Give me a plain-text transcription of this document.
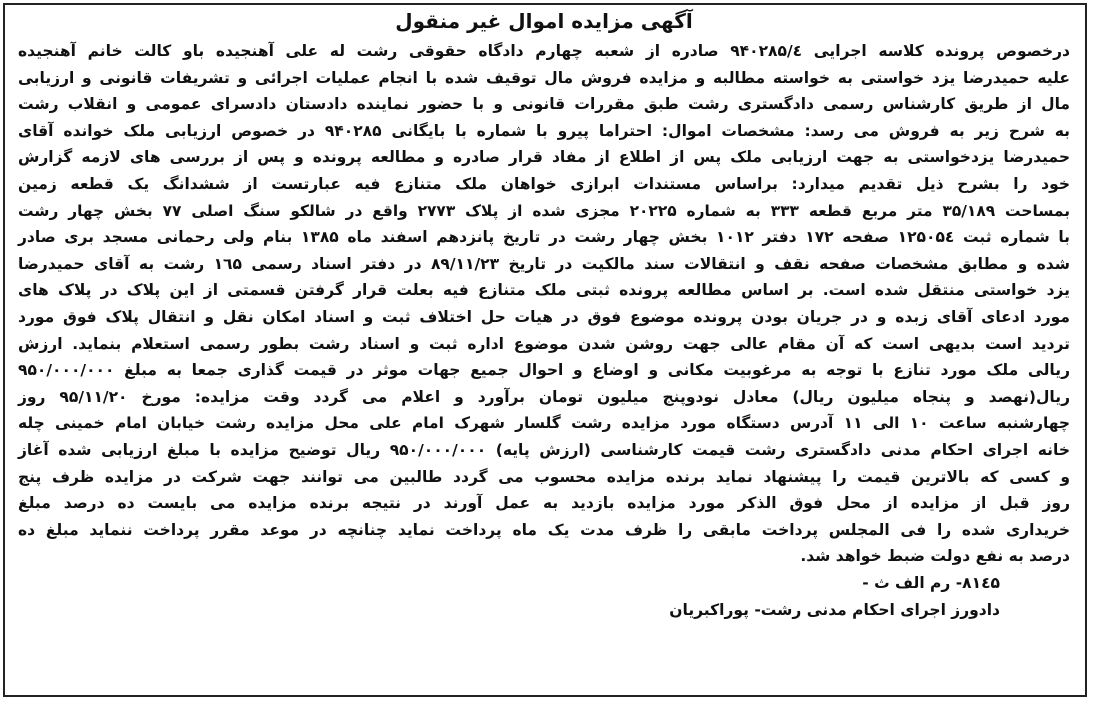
آگهی مزایده اموال غیر منقول

درخصوص پرونده کلاسه اجرایی ۹۴۰۲۸۵/٤ صادره از شعبه چهارم دادگاه حقوقی رشت له علی آهنجیده باو کالت خانم آهنجیده

علیه حمیدرضا یزد خواستی به خواسته مطالبه و مزایده فروش مال توقیف شده با انجام عملیات اجرائی و تشریفات قانونی و ارزیابی

مال از طریق کارشناس رسمی دادگستری رشت طبق مقررات قانونی و با حضور نماینده دادستان دادسرای عمومی و انقلاب رشت

به شرح زیر به فروش می رسد: مشخصات اموال: احتراما پیرو با شماره با بایگانی ۹۴۰۲۸۵ در خصوص ارزیابی ملک خوانده آقای

حمیدرضا یزدخواستی به جهت ارزیابی ملک پس از اطلاع از مفاد قرار صادره و مطالعه پرونده و پس از بررسی های لازمه گزارش

خود را بشرح ذیل تقدیم میدارد: براساس مستندات ابرازی خواهان ملک متنازع فیه عبارتست از ششدانگ یک قطعه زمین

بمساحت ۳۵/۱۸۹ متر مربع قطعه ۳۳۳ به شماره ۲۰۲۲۵ مجزی شده از پلاک ۲۷۷۳ واقع در شالکو سنگ اصلی ۷۷ بخش چهار رشت

با شماره ثبت ۱۲۵۰۵٤ صفحه ۱۷۲ دفتر ۱۰۱۲ بخش چهار رشت در تاریخ پانزدهم اسفند ماه ۱۳۸۵ بنام ولی رحمانی مسجد بری صادر

شده و مطابق مشخصات صفحه نقف و انتقالات سند مالکیت در تاریخ ۸۹/۱۱/۲۳ در دفتر اسناد رسمی ۱٦۵ رشت به آقای حمیدرضا

یزد خواستی منتقل شده است. بر اساس مطالعه پرونده ثبتی ملک متنازع فیه بعلت قرار گرفتن قسمتی از این پلاک در پلاک های

مورد ادعای آقای زبده و در جریان بودن پرونده موضوع فوق در هیات حل اختلاف ثبت و اسناد امکان نقل و انتقال پلاک فوق مورد

تردید است بدیهی است که آن مقام عالی جهت روشن شدن موضوع اداره ثبت و اسناد رشت بطور رسمی استعلام بنماید. ارزش

ریالی ملک مورد تنازع با توجه به مرغوبیت مکانی و اوضاع و احوال جمیع جهات موثر در قیمت گذاری جمعا به مبلغ ۹۵۰/۰۰۰/۰۰۰

ریال(نهصد و پنجاه میلیون ریال) معادل نودوپنج میلیون تومان برآورد و اعلام می گردد وقت مزایده: مورخ ۹۵/۱۱/۲۰ روز

چهارشنبه ساعت ۱۰ الی ۱۱ آدرس دستگاه مورد مزایده رشت گلسار شهرک امام علی محل مزایده رشت خیابان امام خمینی چله

خانه اجرای احکام مدنی دادگستری رشت قیمت کارشناسی (ارزش پایه) ۹۵۰/۰۰۰/۰۰۰ ریال توضیح مزایده با مبلغ ارزیابی شده آغاز

و کسی که بالاترین قیمت را پیشنهاد نماید برنده مزایده محسوب می گردد طالبین می توانند جهت شرکت در مزایده ظرف پنج

روز قبل از مزایده از محل فوق الذکر مورد مزایده بازدید به عمل آورند در نتیجه برنده مزایده می بایست ده درصد مبلغ

خریداری شده را فی المجلس پرداخت مابقی را ظرف مدت یک ماه پرداخت نماید چنانچه در موعد مقرر پرداخت ننماید مبلغ ده

درصد به نفع دولت ضبط خواهد شد.

۸۱٤۵- رم الف ث -

دادورز اجرای احکام مدنی رشت- پوراکبریان
